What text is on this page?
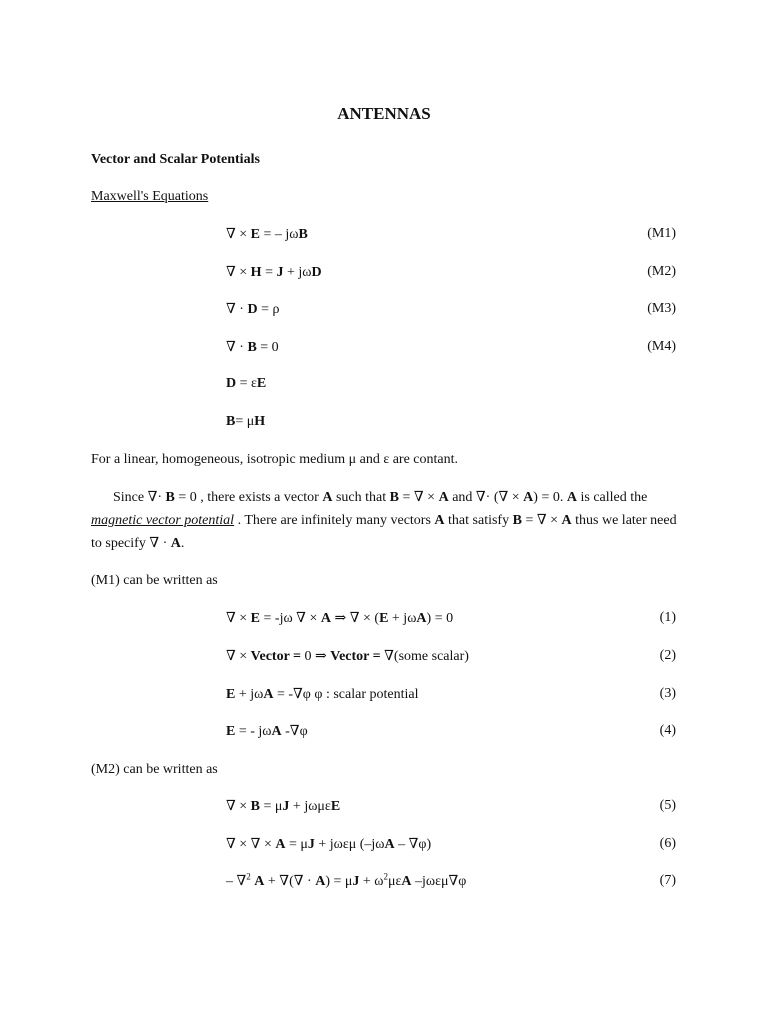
ANTENNAS
Vector and Scalar Potentials
Maxwell's Equations
∇ × E = – jωB	(M1)
∇ × H = J + jωD	(M2)
∇ · D = ρ	(M3)
∇ · B = 0	(M4)
D = εE
B= μH
For a linear, homogeneous, isotropic medium μ and ε are contant.
Since ∇· B = 0 , there exists a vector A such that B = ∇ × A and ∇· (∇ × A) = 0. A is called the magnetic vector potential . There are infinitely many vectors A that satisfy B = ∇ × A thus we later need to specify ∇ · A.
(M1) can be written as
∇ × E = -jω ∇ × A ⇒ ∇ × (E + jωA) = 0	(1)
∇ × Vector = 0 ⇒ Vector = ∇(some scalar)	(2)
E + jωA = -∇φ φ : scalar potential	(3)
E = - jωA -∇φ	(4)
(M2) can be written as
∇ × B = μJ + jωμεE	(5)
∇ × ∇ × A = μJ + jωεμ (–jωA – ∇φ)	(6)
– ∇$^2$ A + ∇(∇ · $A) = \mu J + \omega^2\mu\varepsilon A$ –jωεμ∇φ	(7)
